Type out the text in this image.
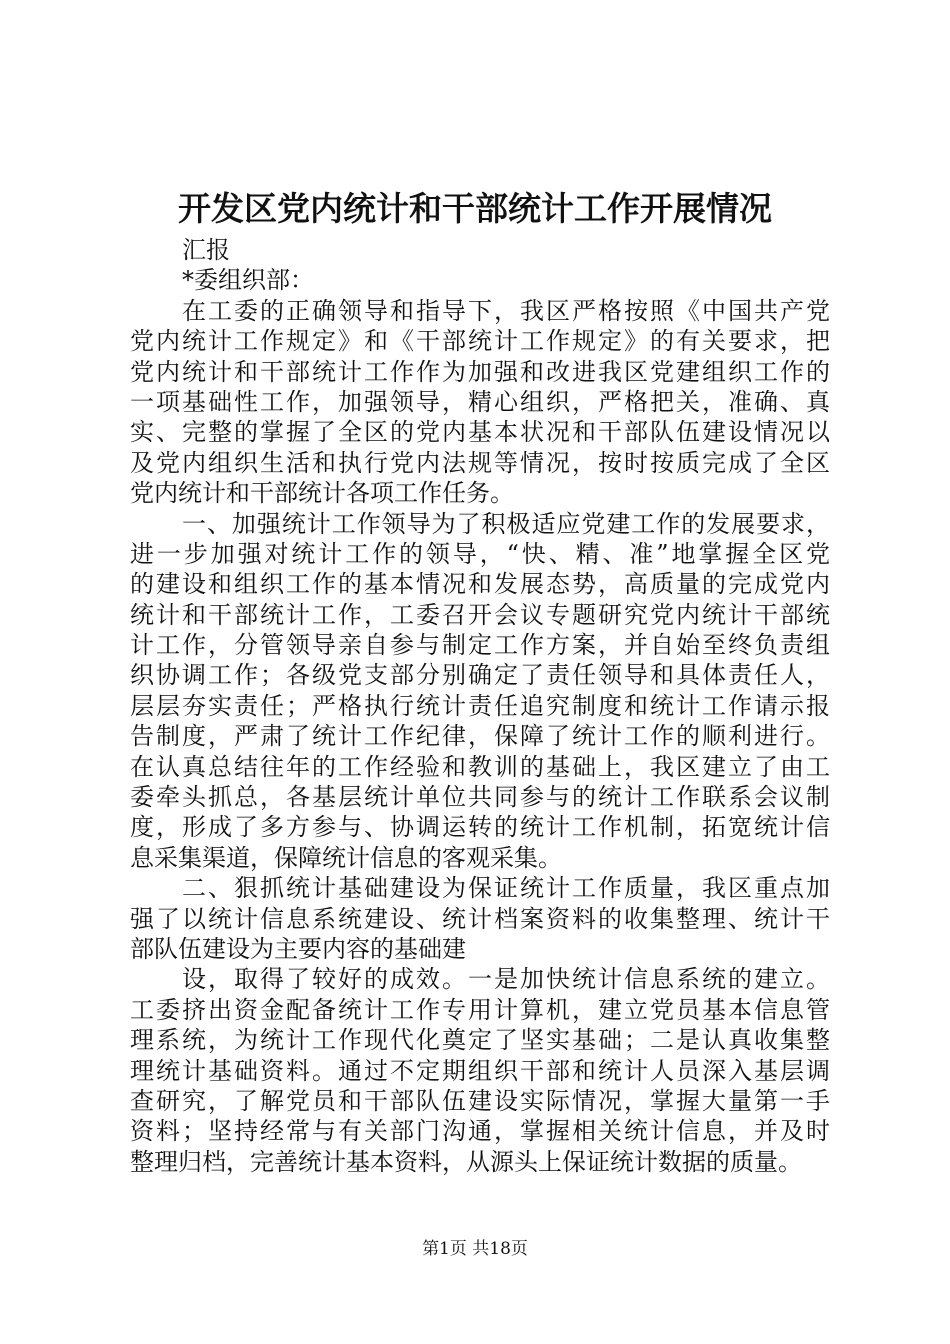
开发区党内统计和干部统计工作开展情况
汇报
*委组织部：
在工委的正确领导和指导下，我区严格按照《中国共产党
党内统计工作规定》和《干部统计工作规定》的有关要求，把
党内统计和干部统计工作作为加强和改进我区党建组织工作的
一项基础性工作，加强领导，精心组织，严格把关，准确、真
实、完整的掌握了全区的党内基本状况和干部队伍建设情况以
及党内组织生活和执行党内法规等情况，按时按质完成了全区
党内统计和干部统计各项工作任务。
一、加强统计工作领导为了积极适应党建工作的发展要求，
进一步加强对统计工作的领导，“快、精、准”地掌握全区党
的建设和组织工作的基本情况和发展态势，高质量的完成党内
统计和干部统计工作，工委召开会议专题研究党内统计干部统
计工作，分管领导亲自参与制定工作方案，并自始至终负责组
织协调工作；各级党支部分别确定了责任领导和具体责任人，
层层夯实责任；严格执行统计责任追究制度和统计工作请示报
告制度，严肃了统计工作纪律，保障了统计工作的顺利进行。
在认真总结往年的工作经验和教训的基础上，我区建立了由工
委牵头抓总，各基层统计单位共同参与的统计工作联系会议制
度，形成了多方参与、协调运转的统计工作机制，拓宽统计信
息采集渠道，保障统计信息的客观采集。
二、狠抓统计基础建设为保证统计工作质量，我区重点加
强了以统计信息系统建设、统计档案资料的收集整理、统计干
部队伍建设为主要内容的基础建
设，取得了较好的成效。一是加快统计信息系统的建立。
工委挤出资金配备统计工作专用计算机，建立党员基本信息管
理系统，为统计工作现代化奠定了坚实基础；二是认真收集整
理统计基础资料。通过不定期组织干部和统计人员深入基层调
查研究，了解党员和干部队伍建设实际情况，掌握大量第一手
资料；坚持经常与有关部门沟通，掌握相关统计信息，并及时
整理归档，完善统计基本资料，从源头上保证统计数据的质量。
第1页 共18页
